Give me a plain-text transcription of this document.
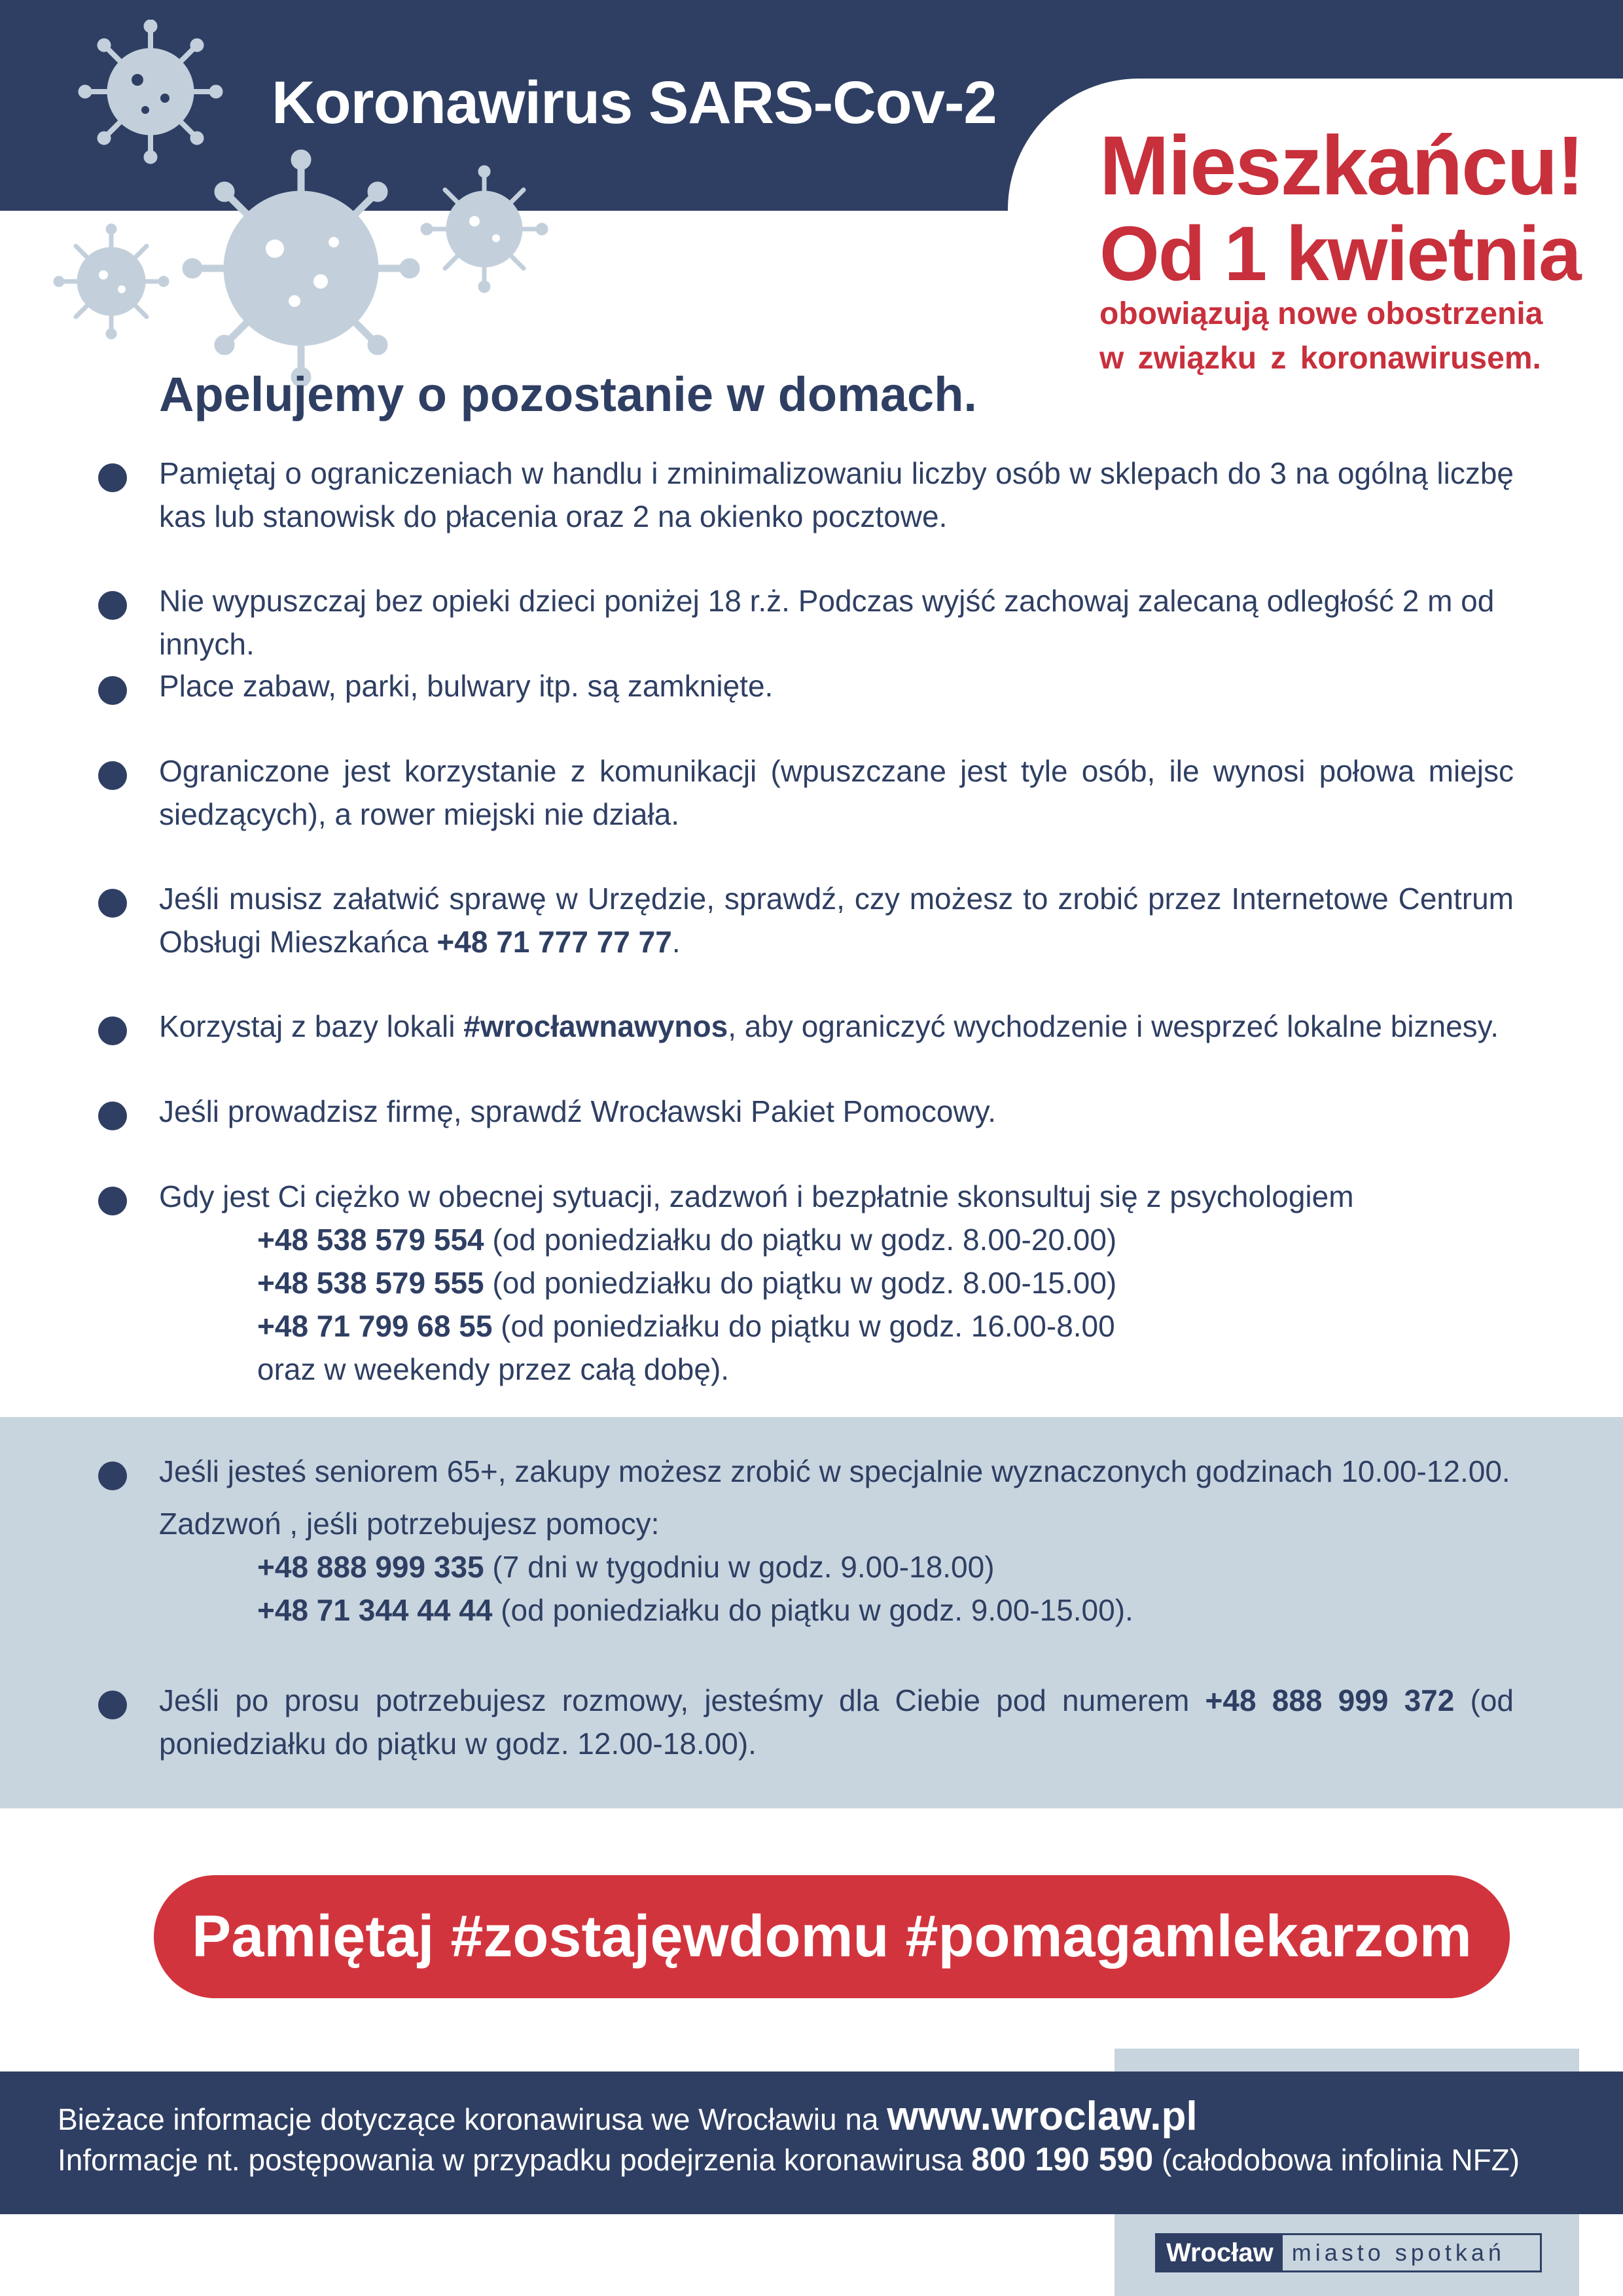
Koronawirus SARS-Cov-2
Mieszkańcu!
Od 1 kwietnia
obowiązują nowe obostrzenia
w związku z koronawirusem.
Apelujemy o pozostanie w domach.
Pamiętaj o ograniczeniach w handlu i zminimalizowaniu liczby osób w sklepach do 3 na ogólną liczbę kas lub stanowisk do płacenia oraz 2 na okienko pocztowe.
Nie wypuszczaj bez opieki dzieci poniżej 18 r.ż. Podczas wyjść zachowaj zalecaną odległość 2 m od innych.
Place zabaw, parki, bulwary itp. są zamknięte.
Ograniczone jest korzystanie z komunikacji (wpuszczane jest tyle osób, ile wynosi połowa miejsc siedzących), a rower miejski nie działa.
Jeśli musisz załatwić sprawę w Urzędzie, sprawdź, czy możesz to zrobić przez Internetowe Centrum Obsługi Mieszkańca +48 71 777 77 77.
Korzystaj z bazy lokali #wrocławnawynos, aby ograniczyć wychodzenie i wesprzeć lokalne biznesy.
Jeśli prowadzisz firmę, sprawdź Wrocławski Pakiet Pomocowy.
Gdy jest Ci ciężko w obecnej sytuacji, zadzwoń i bezpłatnie skonsultuj się z psychologiem
+48 538 579 554 (od poniedziałku do piątku w godz. 8.00-20.00)
+48 538 579 555 (od poniedziałku do piątku w godz. 8.00-15.00)
+48 71 799 68 55 (od poniedziałku do piątku w godz. 16.00-8.00
oraz w weekendy przez całą dobę).
Jeśli jesteś seniorem 65+, zakupy możesz zrobić w specjalnie wyznaczonych godzinach 10.00-12.00.
Zadzwoń , jeśli potrzebujesz pomocy:
+48 888 999 335 (7 dni w tygodniu w godz. 9.00-18.00)
+48 71 344 44 44 (od poniedziałku do piątku w godz. 9.00-15.00).
Jeśli po prosu potrzebujesz rozmowy, jesteśmy dla Ciebie pod numerem +48 888 999 372 (od poniedziałku do piątku w godz. 12.00-18.00).
Pamiętaj #zostajęwdomu #pomagamlekarzom
Bieżace informacje dotyczące koronawirusa we Wrocławiu na www.wroclaw.pl
Informacje nt. postępowania w przypadku podejrzenia koronawirusa 800 190 590 (całodobowa infolinia NFZ)
Wrocław miasto spotkań
